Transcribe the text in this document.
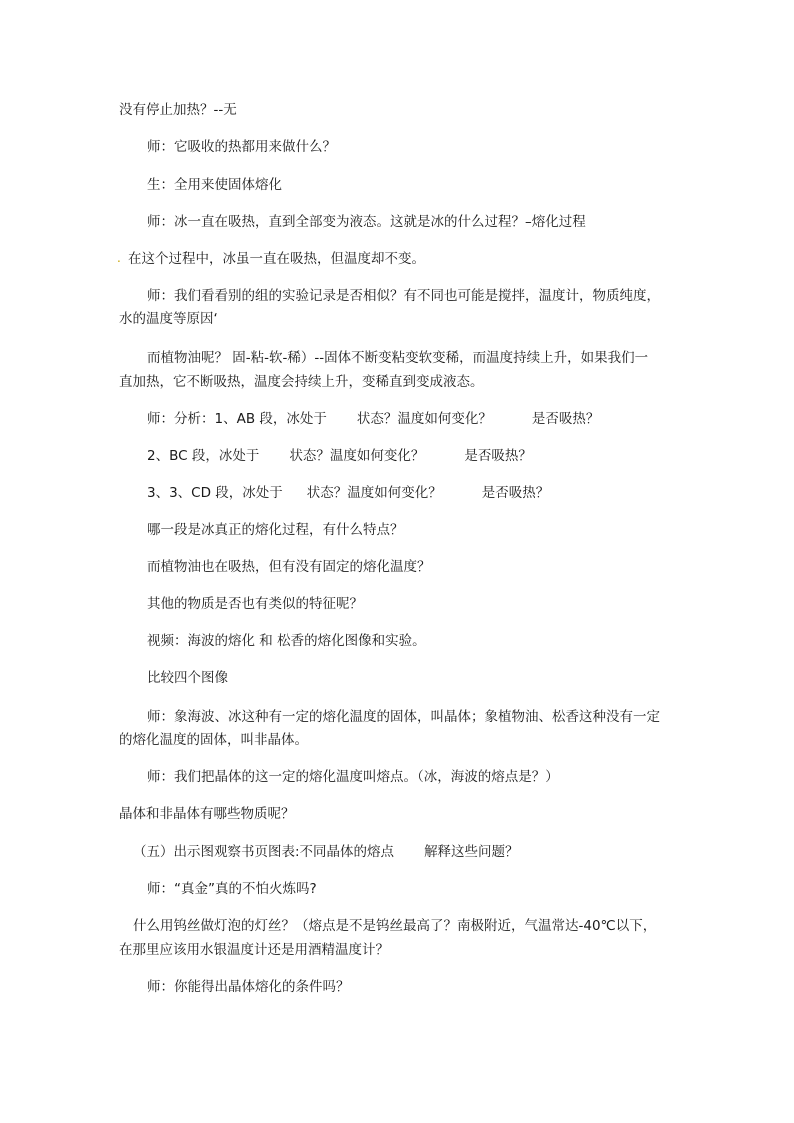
没有停止加热？--无
师：它吸收的热都用来做什么？
生：全用来使固体熔化
师：冰一直在吸热，直到全部变为液态。这就是冰的什么过程？–熔化过程
. 在这个过程中，冰虽一直在吸热，但温度却不变。
师：我们看看别的组的实验记录是否相似？有不同也可能是搅拌，温度计，物质纯度，
水的温度等原因‘
而植物油呢？ 固-粘-软-稀）--固体不断变粘变软变稀，而温度持续上升，如果我们一
直加热，它不断吸热，温度会持续上升，变稀直到变成液态。
师：分析：1、AB 段，冰处于 状态？温度如何变化？	是否吸热？
2、BC 段，冰处于 状态？温度如何变化？	是否吸热？
3、3、CD 段，冰处于 状态？温度如何变化？	是否吸热？
哪一段是冰真正的熔化过程，有什么特点？
而植物油也在吸热，但有没有固定的熔化温度？
其他的物质是否也有类似的特征呢？
视频：海波的熔化 和 松香的熔化图像和实验。
比较四个图像
师：象海波、冰这种有一定的熔化温度的固体，叫晶体；象植物油、松香这种没有一定
的熔化温度的固体，叫非晶体。
师：我们把晶体的这一定的熔化温度叫熔点。（冰，海波的熔点是？）
晶体和非晶体有哪些物质呢？
（五）出示图观察书页图表:不同晶体的熔点 解释这些问题？
师：“真金”真的不怕火炼吗?
什么用钨丝做灯泡的灯丝？（熔点是不是钨丝最高了？南极附近，气温常达-40℃以下，
在那里应该用水银温度计还是用酒精温度计？
师：你能得出晶体熔化的条件吗？
